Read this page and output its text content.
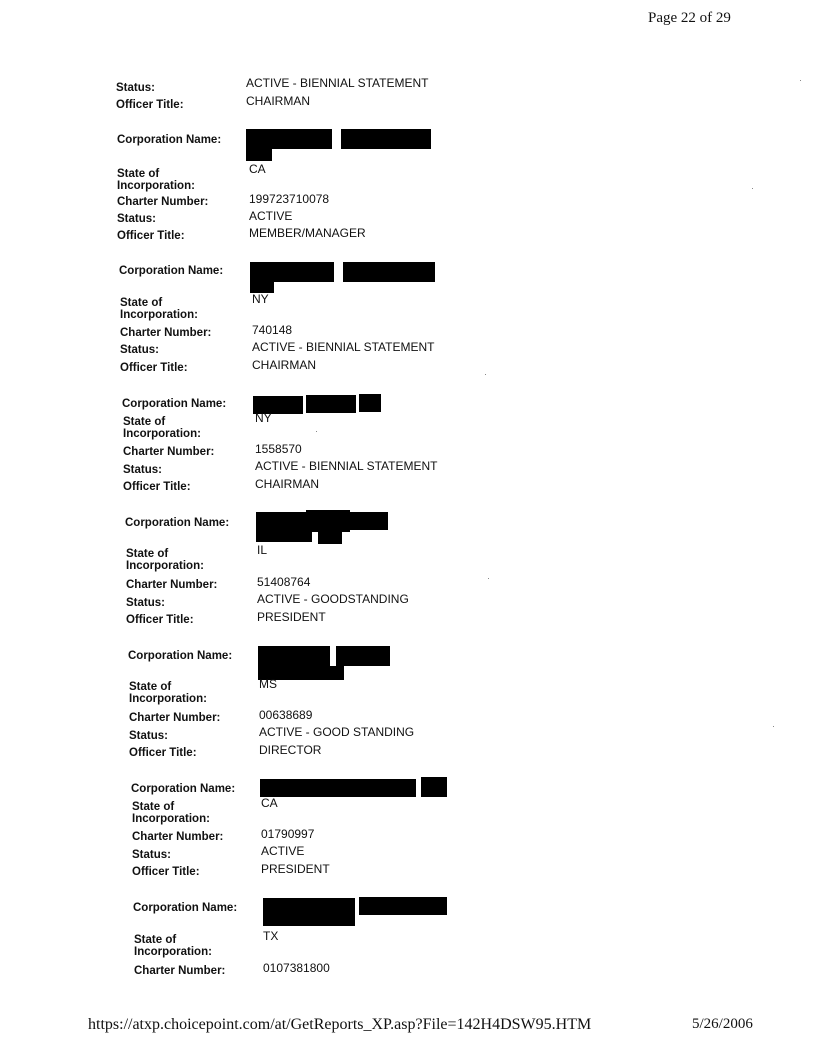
Page 22 of 29
Status:	ACTIVE - BIENNIAL STATEMENT
Officer Title:	CHAIRMAN
Corporation Name:
State of
Incorporation:
CA
Charter Number:	199723710078
Status:	ACTIVE
Officer Title:	MEMBER/MANAGER
Corporation Name:
State of
Incorporation:
NY
Charter Number:	740148
Status:	ACTIVE - BIENNIAL STATEMENT
Officer Title:	CHAIRMAN
Corporation Name:
State of
Incorporation:
NY
Charter Number:	1558570
Status:	ACTIVE - BIENNIAL STATEMENT
Officer Title:	CHAIRMAN
Corporation Name:
State of
Incorporation:
IL
Charter Number:	51408764
Status:	ACTIVE - GOODSTANDING
Officer Title:	PRESIDENT
Corporation Name:
State of
Incorporation:
MS
Charter Number:	00638689
Status:	ACTIVE - GOOD STANDING
Officer Title:	DIRECTOR
Corporation Name:
State of
Incorporation:
CA
Charter Number:	01790997
Status:	ACTIVE
Officer Title:	PRESIDENT
Corporation Name:
State of
Incorporation:
TX
Charter Number:	0107381800
https://atxp.choicepoint.com/at/GetReports_XP.asp?File=142H4DSW95.HTM	5/26/2006
